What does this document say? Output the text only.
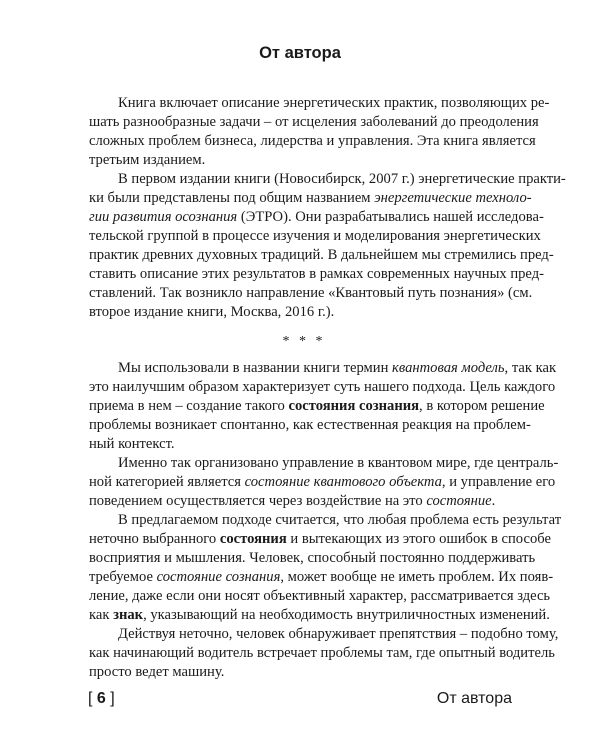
От автора
Книга включает описание энергетических практик, позволяющих ре-
шать разнообразные задачи – от исцеления заболеваний до преодоления
сложных проблем бизнеса, лидерства и управления. Эта книга является
третьим изданием.
В первом издании книги (Новосибирск, 2007 г.) энергетические практи-
ки были представлены под общим названием энергетические техноло-
гии развития осознания (ЭТРО). Они разрабатывались нашей исследова-
тельской группой в процессе изучения и моделирования энергетических
практик древних духовных традиций. В дальнейшем мы стремились пред-
ставить описание этих результатов в рамках современных научных пред-
ставлений. Так возникло направление «Квантовый путь познания» (см.
второе издание книги, Москва, 2016 г.).
* * *
Мы использовали в названии книги термин квантовая модель, так как
это наилучшим образом характеризует суть нашего подхода. Цель каждого
приема в нем – создание такого состояния сознания, в котором решение
проблемы возникает спонтанно, как естественная реакция на проблем-
ный контекст.
Именно так организовано управление в квантовом мире, где централь-
ной категорией является состояние квантового объекта, и управление его
поведением осуществляется через воздействие на это состояние.
В предлагаемом подходе считается, что любая проблема есть результат
неточно выбранного состояния и вытекающих из этого ошибок в способе
восприятия и мышления. Человек, способный постоянно поддерживать
требуемое состояние сознания, может вообще не иметь проблем. Их появ-
ление, даже если они носят объективный характер, рассматривается здесь
как знак, указывающий на необходимость внутриличностных изменений.
Действуя неточно, человек обнаруживает препятствия – подобно тому,
как начинающий водитель встречает проблемы там, где опытный водитель
просто ведет машину.
[ 6 ]	От автора
